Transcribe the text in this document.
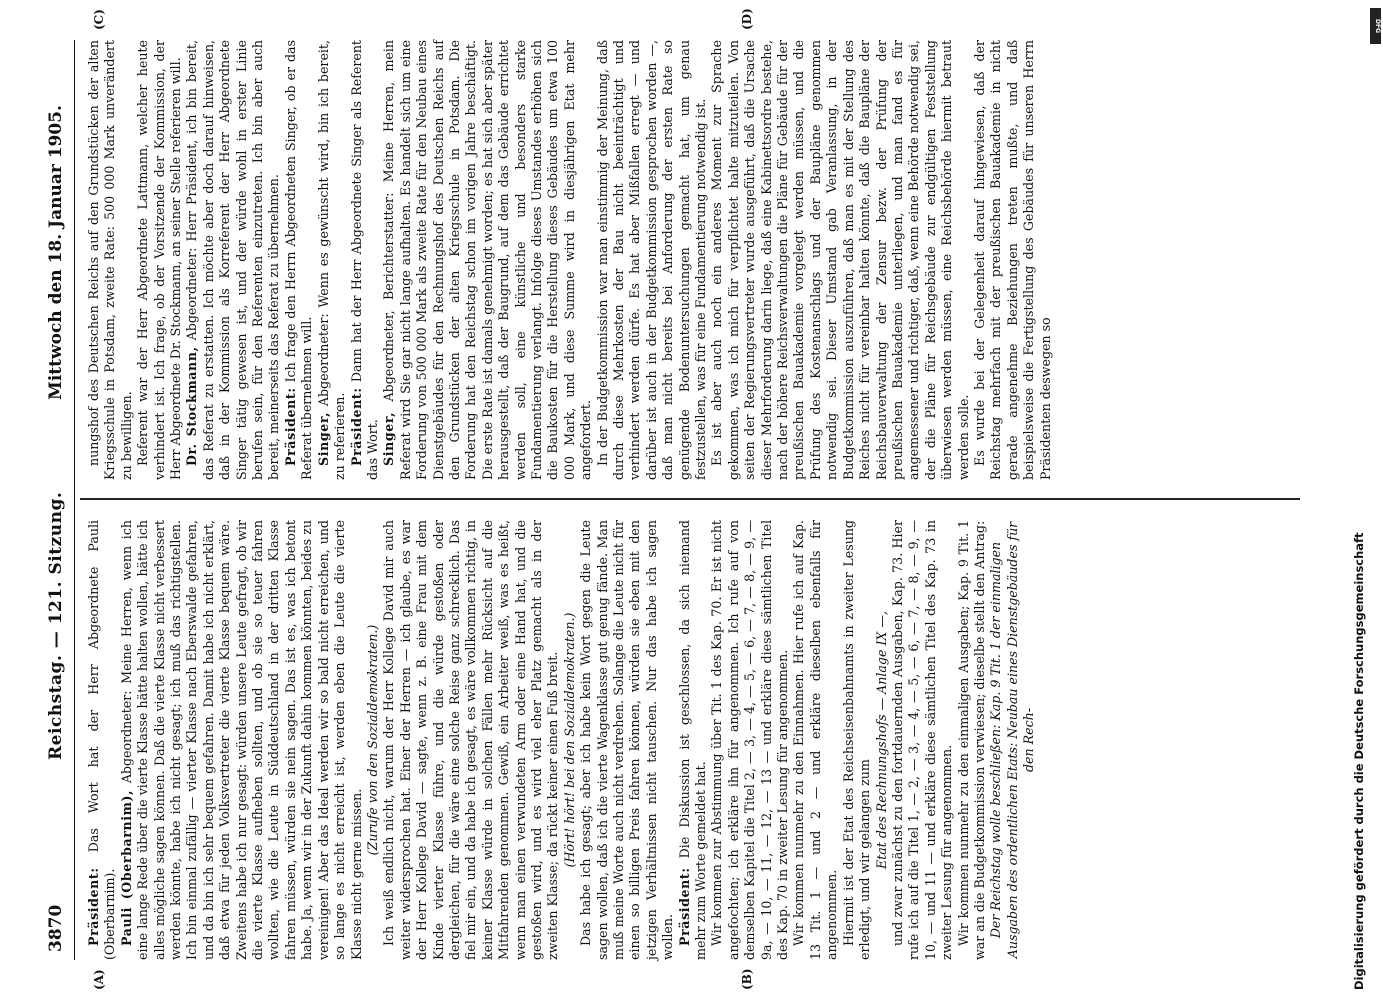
3870
Reichstag. — 121. Sitzung.
Mittwoch den 18. Januar 1905.
(A)	(B)
(C)	(D)

Präsident: Das Wort hat der Herr Abgeordnete Pauli (Oberbarnim). Pauli (Oberbarnim), Abgeordneter: Meine Herren, wenn ich eine lange Rede über die vierte Klasse hätte halten wollen, hätte ich alles mögliche sagen können. Daß die vierte Klasse nicht verbessert werden könnte, habe ich nicht gesagt; ich muß das richtigstellen. Ich bin einmal zufällig — vierter Klasse nach Eberswalde gefahren, und da bin ich sehr bequem gefahren. Damit habe ich nicht erklärt, daß etwa für jeden Volksvertreter die vierte Klasse bequem wäre. Zweitens habe ich nur gesagt: würden unsere Leute gefragt, ob wir die vierte Klasse aufheben sollten, und ob sie so teuer fahren wollten, wie die Leute in Süddeutschland in der dritten Klasse fahren müssen, würden sie nein sagen. Das ist es, was ich betont habe. Ja, wenn wir in der Zukunft dahin kommen könnten, beides zu vereinigen! Aber das Ideal werden wir so bald nicht erreichen, und so lange es nicht erreicht ist, werden eben die Leute die vierte Klasse nicht gerne missen.

(Zurufe von den Sozialdemokraten.) Ich weiß endlich nicht, warum der Herr Kollege David mir auch weiter widersprochen hat. Einer der Herren — ich glaube, es war der Herr Kollege David — sagte, wenn z. B. eine Frau mit dem Kinde vierter Klasse führe, und die würde gestoßen oder dergleichen, für die wäre eine solche Reise ganz schrecklich. Das fiel mir ein, und da habe ich gesagt, es wäre vollkommen richtig, in keiner Klasse würde in solchen Fällen mehr Rücksicht auf die Mitfahrenden genommen. Gewiß, ein Arbeiter weiß, was es heißt, wenn man einen verwundeten Arm oder eine Hand hat, und die gestoßen wird, und es wird viel eher Platz gemacht als in der zweiten Klasse; da rückt keiner einen Fuß breit. (Hört! hört! bei den Sozialdemokraten.) Das habe ich gesagt; aber ich habe kein Wort gegen die Leute sagen wollen, daß ich die vierte Wagenklasse gut genug fände. Man muß meine Worte auch nicht verdrehen. Solange die Leute nicht für einen so billigen Preis fahren können, würden sie eben mit den jetzigen Verhältnissen nicht tauschen. Nur das habe ich sagen wollen. Präsident: Die Diskussion ist geschlossen, da sich niemand mehr zum Worte gemeldet hat. Wir kommen zur Abstimmung über Tit. 1 des Kap. 70. Er ist nicht angefochten; ich erkläre ihn für angenommen. Ich rufe auf von demselben Kapitel die Titel 2, — 3, — 4, — 5, — 6, — 7, — 8, — 9, — 9a, — 10, — 11, — 12, — 13 — und erkläre diese sämtlichen Titel des Kap. 70 in zweiter Lesung für angenommen. Wir kommen nunmehr zu den Einnahmen. Hier rufe ich auf Kap. 13 Tit. 1 — und 2 — und erkläre dieselben ebenfalls für angenommen. Hiermit ist der Etat des Reichseisenbahnamts in zweiter Lesung erledigt, und wir gelangen zum Etat des Rechnungshofs — Anlage IX —, und zwar zunächst zu den fortdauernden Ausgaben, Kap. 73. Hier rufe ich auf die Titel 1, — 2, — 3, — 4, — 5, — 6, — 7, — 8, — 9, — 10, — und 11 — und erkläre diese sämtlichen Titel des Kap. 73 in zweiter Lesung für angenommen. Wir kommen nunmehr zu den einmaligen Ausgaben; Kap. 9 Tit. 1 war an die Budgetkommission verwiesen; dieselbe stellt den Antrag: Der Reichstag wolle beschließen: Kap. 9 Tit. 1 der einmaligen Ausgaben des ordentlichen Etats: Neubau eines Dienstgebäudes für den Rech-

nungshof des Deutschen Reichs auf den Grundstücken der alten Kriegsschule in Potsdam, zweite Rate: 500 000 Mark unverändert zu bewilligen. Referent war der Herr Abgeordnete Lattmann, welcher heute verhindert ist. Ich frage, ob der Vorsitzende der Kommission, der Herr Abgeordnete Dr. Stockmann, an seiner Stelle referieren will. Dr. Stockmann, Abgeordneter: Herr Präsident, ich bin bereit, das Referat zu erstatten. Ich möchte aber doch darauf hinweisen, daß in der Kommission als Korreferent der Herr Abgeordnete Singer tätig gewesen ist, und der würde wohl in erster Linie berufen sein, für den Referenten einzutreten. Ich bin aber auch bereit, meinerseits das Referat zu übernehmen. Präsident: Ich frage den Herrn Abgeordneten Singer, ob er das Referat übernehmen will. Singer, Abgeordneter: Wenn es gewünscht wird, bin ich bereit, zu referieren. Präsident: Dann hat der Herr Abgeordnete Singer als Referent das Wort. Singer, Abgeordneter, Berichterstatter: Meine Herren, mein Referat wird Sie gar nicht lange aufhalten. Es handelt sich um eine Forderung von 500 000 Mark als zweite Rate für den Neubau eines Dienstgebäudes für den Rechnungshof des Deutschen Reichs auf den Grundstücken der alten Kriegsschule in Potsdam. Die Forderung hat den Reichstag schon im vorigen Jahre beschäftigt. Die erste Rate ist damals genehmigt worden; es hat sich aber später herausgestellt, daß der Baugrund, auf dem das Gebäude errichtet werden soll, eine künstliche und besonders starke Fundamentierung verlangt. Infolge dieses Umstandes erhöhen sich die Baukosten für die Herstellung dieses Gebäudes um etwa 100 000 Mark, und diese Summe wird in diesjährigen Etat mehr angefordert. In der Budgetkommission war man einstimmig der Meinung, daß durch diese Mehrkosten der Bau nicht beeinträchtigt und verhindert werden dürfe. Es hat aber Mißfallen erregt — und darüber ist auch in der Budgetkommission gesprochen worden —, daß man nicht bereits bei Anforderung der ersten Rate so genügende Bodenuntersuchungen gemacht hat, um genau festzustellen, was für eine Fundamentierung notwendig ist. Es ist aber auch noch ein anderes Moment zur Sprache gekommen, was ich mich für verpflichtet halte mitzuteilen. Von seiten der Regierungsvertreter wurde ausgeführt, daß die Ursache dieser Mehrforderung darin liege, daß eine Kabinettsordre bestehe, nach der höhere Reichsverwaltungen die Pläne für Gebäude für der preußischen Bauakademie vorgelegt werden müssen, und die Prüfung des Kostenanschlags und der Baupläne genommen notwendig sei. Dieser Umstand gab Veranlassung, in der Budgetkommission auszuführen, daß man es mit der Stellung des Reiches nicht für vereinbar halten könnte, daß die Baupläne der Reichsbauverwaltung der Zensur bezw. der Prüfung der preußischen Bauakademie unterliegen, und man fand es für angemessener und richtiger, daß, wenn eine Behörde notwendig sei, der die Pläne für Reichsgebäude zur endgültigen Feststellung überwiesen werden müssen, eine Reichsbehörde hiermit betraut werden solle. Es wurde bei der Gelegenheit darauf hingewiesen, daß der Reichstag mehrfach mit der preußischen Bauakademie in nicht gerade angenehme Beziehungen treten mußte, und daß beispielsweise die Fertigstellung des Gebäudes für unseren Herrn Präsidenten deswegen so

Digitalisierung gefördert durch die Deutsche Forschungsgemeinschaft
DFG
